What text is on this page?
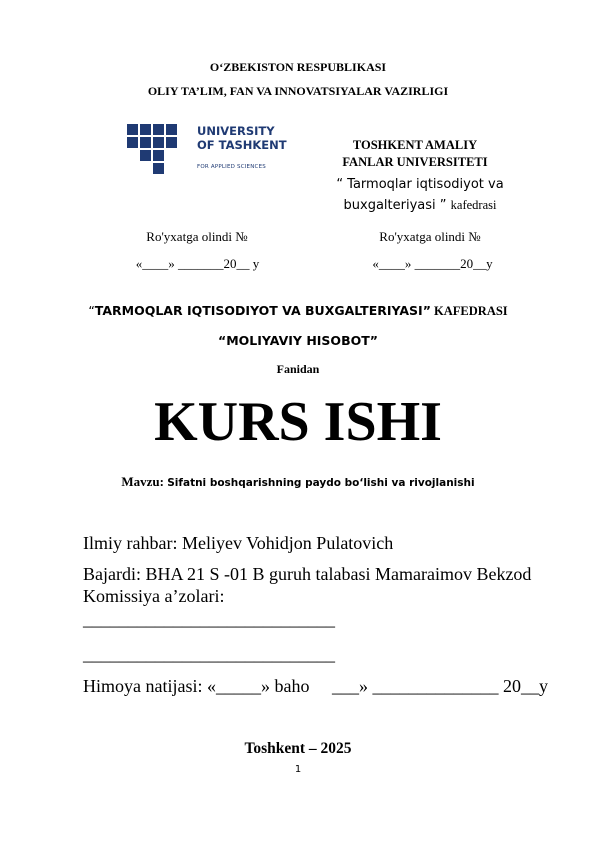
O‘ZBEKISTON RESPUBLIKASI
OLIY TA’LIM, FAN VA INNOVATSIYALAR VAZIRLIGI
UNIVERSITY
OF TASHKENT
FOR APPLIED SCIENCES
TOSHKENT AMALIY
FANLAR UNIVERSITETI
“ Tarmoqlar iqtisodiyot va
buxgalteriyasi ” kafedrasi
Ro'yxatga olindi №	Ro'yxatga olindi №
«____» _______20__ y	«____» _______20__y
“TARMOQLAR IQTISODIYOT VA BUXGALTERIYASI” KAFEDRASI
“MOLIYAVIY HISOBOT”
Fanidan
KURS ISHI
Mavzu: Sifatni boshqarishning paydo bo‘lishi va rivojlanishi
Ilmiy rahbar: Meliyev Vohidjon Pulatovich
Bajardi: BHA 21 S -01 B guruh talabasi Mamaraimov Bekzod
Komissiya a’zolari:
____________________________
____________________________
Himoya natijasi: «_____» baho     ___» ______________ 20__y
Toshkent – 2025
1
